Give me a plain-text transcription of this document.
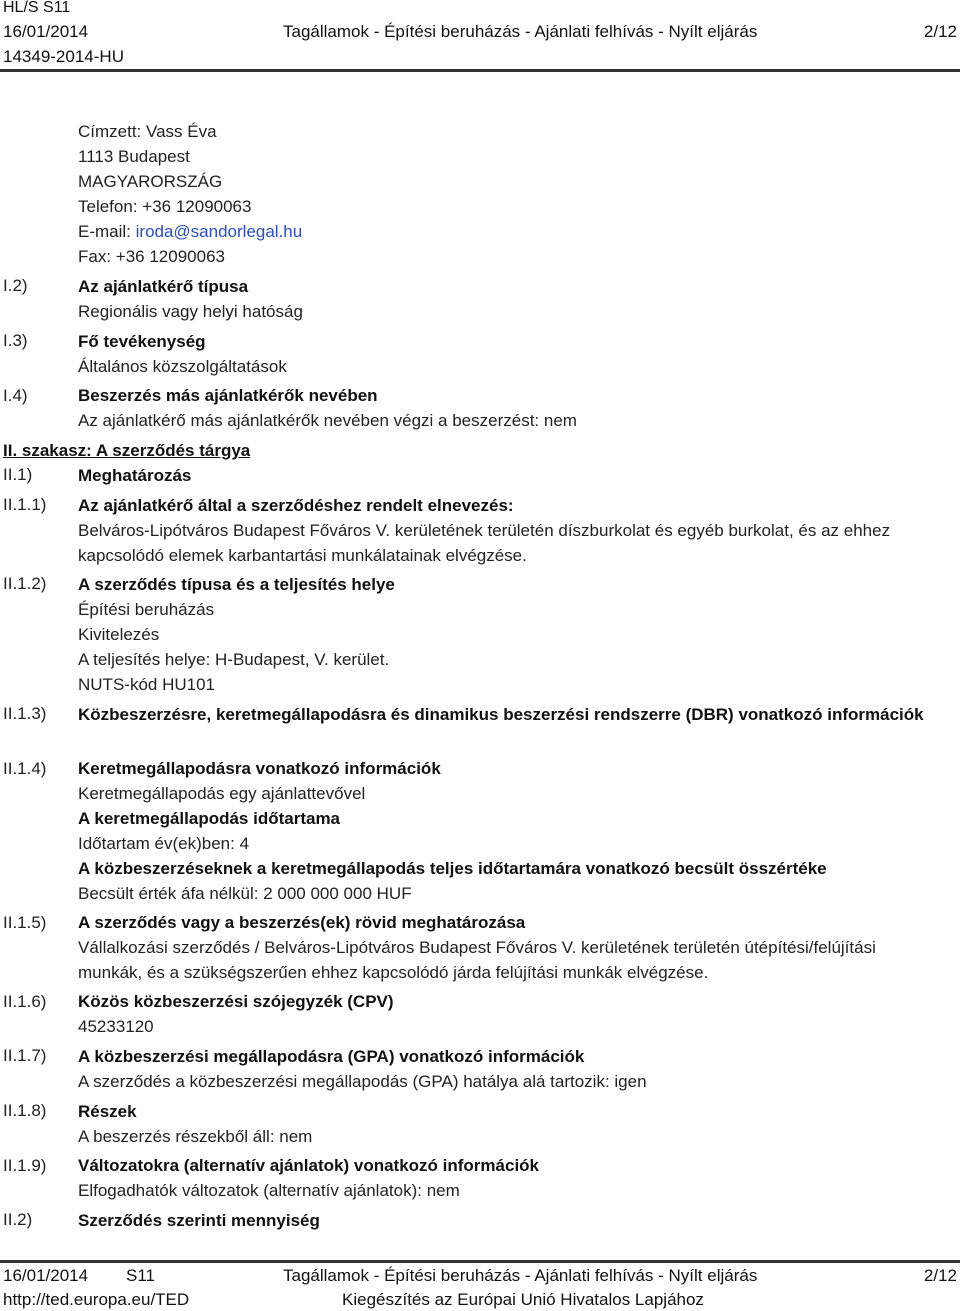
HL/S S11
16/01/2014
14349-2014-HU
Tagállamok - Építési beruházás - Ajánlati felhívás - Nyílt eljárás	2/12
Címzett: Vass Éva
1113 Budapest
MAGYARORSZÁG
Telefon: +36 12090063
E-mail: iroda@sandorlegal.hu
Fax: +36 12090063
I.2)	Az ajánlatkérő típusa
Regionális vagy helyi hatóság
I.3)	Fő tevékenység
Általános közszolgáltatások
I.4)	Beszerzés más ajánlatkérők nevében
Az ajánlatkérő más ajánlatkérők nevében végzi a beszerzést: nem
II. szakasz: A szerződés tárgya
II.1)	Meghatározás
II.1.1) Az ajánlatkérő által a szerződéshez rendelt elnevezés:
Belváros-Lipótváros Budapest Főváros V. kerületének területén díszburkolat és egyéb burkolat, és az ehhez kapcsolódó elemek karbantartási munkálatainak elvégzése.
II.1.2) A szerződés típusa és a teljesítés helye
Építési beruházás
Kivitelezés
A teljesítés helye: H-Budapest, V. kerület.
NUTS-kód HU101
II.1.3) Közbeszerzésre, keretmegállapodásra és dinamikus beszerzési rendszerre (DBR) vonatkozó információk
II.1.4) Keretmegállapodásra vonatkozó információk
Keretmegállapodás egy ajánlattevővel
A keretmegállapodás időtartama
Időtartam év(ek)ben: 4
A közbeszerzéseknek a keretmegállapodás teljes időtartamára vonatkozó becsült összértéke
Becsült érték áfa nélkül: 2 000 000 000 HUF
II.1.5) A szerződés vagy a beszerzés(ek) rövid meghatározása
Vállalkozási szerződés / Belváros-Lipótváros Budapest Főváros V. kerületének területén útépítési/felújítási munkák, és a szükségszerűen ehhez kapcsolódó járda felújítási munkák elvégzése.
II.1.6) Közös közbeszerzési szójegyzék (CPV)
45233120
II.1.7) A közbeszerzési megállapodásra (GPA) vonatkozó információk
A szerződés a közbeszerzési megállapodás (GPA) hatálya alá tartozik: igen
II.1.8) Részek
A beszerzés részekből áll: nem
II.1.9) Változatokra (alternatív ajánlatok) vonatkozó információk
Elfogadhatók változatok (alternatív ajánlatok): nem
II.2)	Szerződés szerinti mennyiség
16/01/2014 S11	Tagállamok - Építési beruházás - Ajánlati felhívás - Nyílt eljárás	2/12
http://ted.europa.eu/TED	Kiegészítés az Európai Unió Hivatalos Lapjához
